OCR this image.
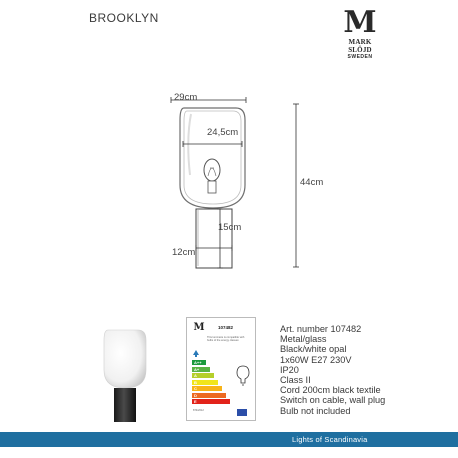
BROOKLYN	M
MARK
SLÖJD
SWEDEN
29cm
24,5cm
44cm
15cm
12cm
M	107482
This luminaire is compatible with bulbs of the energy classes:
A++
A+
A
B
C
D
E
874/2012
Art. number 107482
Metal/glass
Black/white opal
1x60W E27 230V
IP20
Class II
Cord 200cm black textile
Switch on cable, wall plug
Bulb not included
Lights of Scandinavia
